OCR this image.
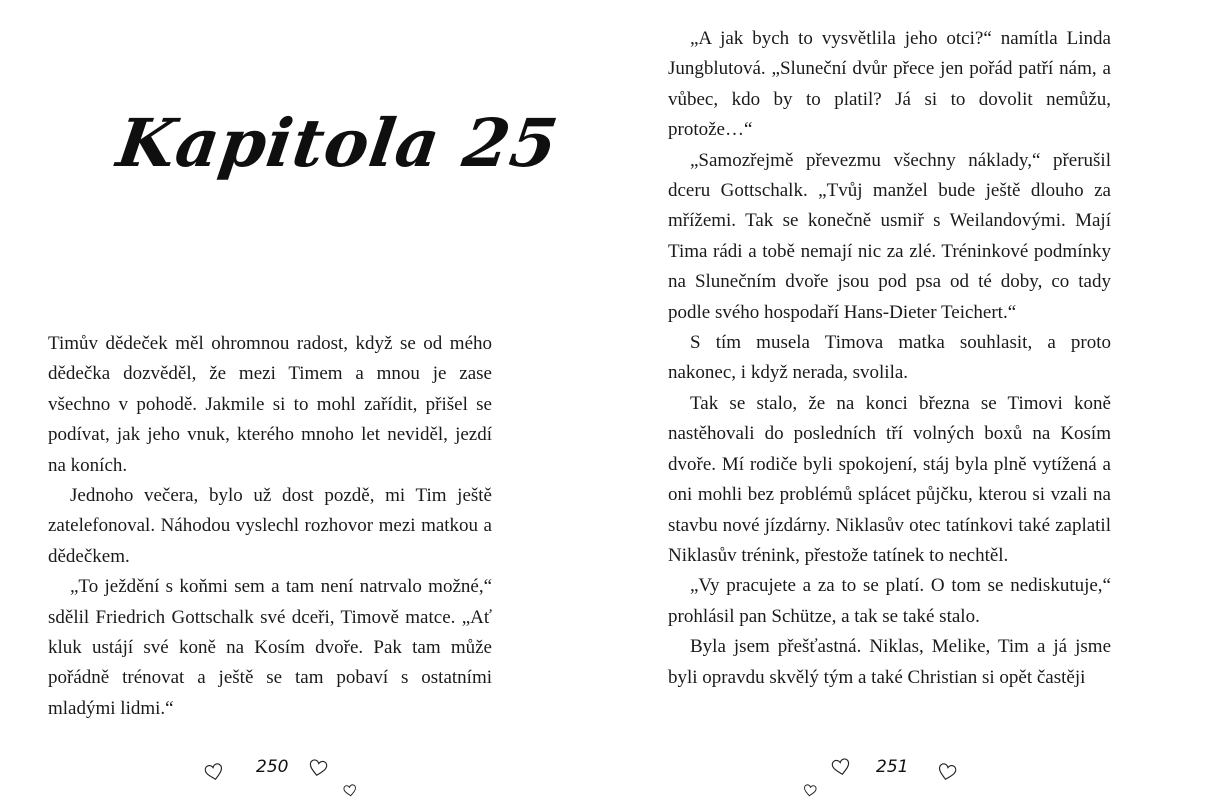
Kapitola 25

Timův dědeček měl ohromnou radost, když se od mého dědečka dozvěděl, že mezi Timem a mnou je zase všechno v pohodě. Jakmile si to mohl zařídit, přišel se podívat, jak jeho vnuk, kterého mnoho let neviděl, jezdí na koních.

Jednoho večera, bylo už dost pozdě, mi Tim ještě zatelefonoval. Náhodou vyslechl rozhovor mezi matkou a dědečkem.

„To ježdění s koňmi sem a tam není natrvalo možné,“ sdělil Friedrich Gottschalk své dceři, Timově matce. „Ať kluk ustájí své koně na Kosím dvoře. Pak tam může pořádně trénovat a ještě se tam pobaví s ostatními mladými lidmi.“

250

„A jak bych to vysvětlila jeho otci?“ namítla Linda Jungblutová. „Sluneční dvůr přece jen pořád patří nám, a vůbec, kdo by to platil? Já si to dovolit nemůžu, protože…“

„Samozřejmě převezmu všechny náklady,“ přerušil dceru Gottschalk. „Tvůj manžel bude ještě dlouho za mřížemi. Tak se konečně usmiř s Weilandovými. Mají Tima rádi a tobě nemají nic za zlé. Tréninkové podmínky na Slunečním dvoře jsou pod psa od té doby, co tady podle svého hospodaří Hans-Dieter Teichert.“

S tím musela Timova matka souhlasit, a proto nakonec, i když nerada, svolila.

Tak se stalo, že na konci března se Timovi koně nastěhovali do posledních tří volných boxů na Kosím dvoře. Mí rodiče byli spokojení, stáj byla plně vytížená a oni mohli bez problémů splácet půjčku, kterou si vzali na stavbu nové jízdárny. Niklasův otec tatínkovi také zaplatil Niklasův trénink, přestože tatínek to nechtěl.

„Vy pracujete a za to se platí. O tom se nediskutuje,“ prohlásil pan Schütze, a tak se také stalo.

Byla jsem přešťastná. Niklas, Melike, Tim a já jsme byli opravdu skvělý tým a také Christian si opět častěji

251
